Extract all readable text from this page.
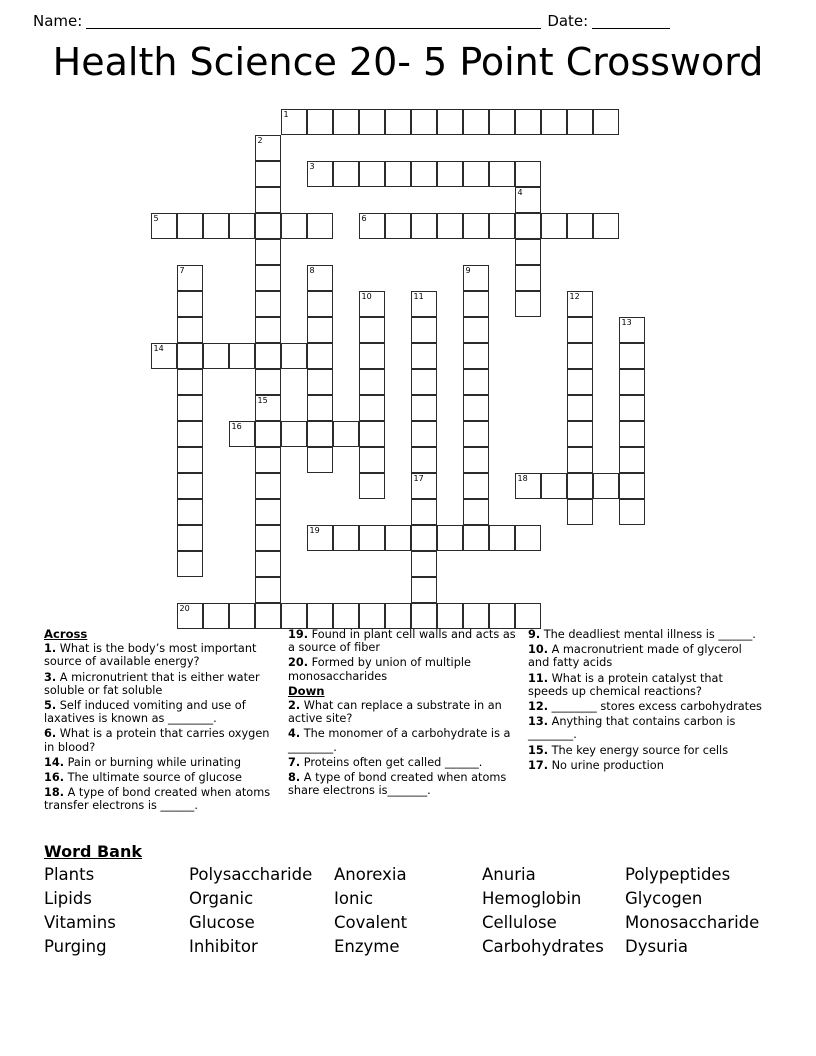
Name:	Date:
Health Science 20- 5 Point Crossword
1
2
3
4
5	6
7	8	9
10	11	12
13
14
15
16
17	18
19
20
Across
1. What is the body’s most important source of available energy?
3. A micronutrient that is either water soluble or fat soluble
5. Self induced vomiting and use of laxatives is known as ________.
6. What is a protein that carries oxygen in blood?
14. Pain or burning while urinating
16. The ultimate source of glucose
18. A type of bond created when atoms transfer electrons is ______.
19. Found in plant cell walls and acts as a source of fiber
20. Formed by union of multiple monosaccharides
Down
2. What can replace a substrate in an active site?
4. The monomer of a carbohydrate is a ________.
7. Proteins often get called ______.
8. A type of bond created when atoms share electrons is_______.
9. The deadliest mental illness is ______.
10. A macronutrient made of glycerol and fatty acids
11. What is a protein catalyst that speeds up chemical reactions?
12. ________ stores excess carbohydrates
13. Anything that contains carbon is ________.
15. The key energy source for cells
17. No urine production
Word Bank
Plants	Polysaccharide	Anorexia	Anuria	Polypeptides
Lipids	Organic	Ionic	Hemoglobin	Glycogen
Vitamins	Glucose	Covalent	Cellulose	Monosaccharide
Purging	Inhibitor	Enzyme	Carbohydrates	Dysuria
